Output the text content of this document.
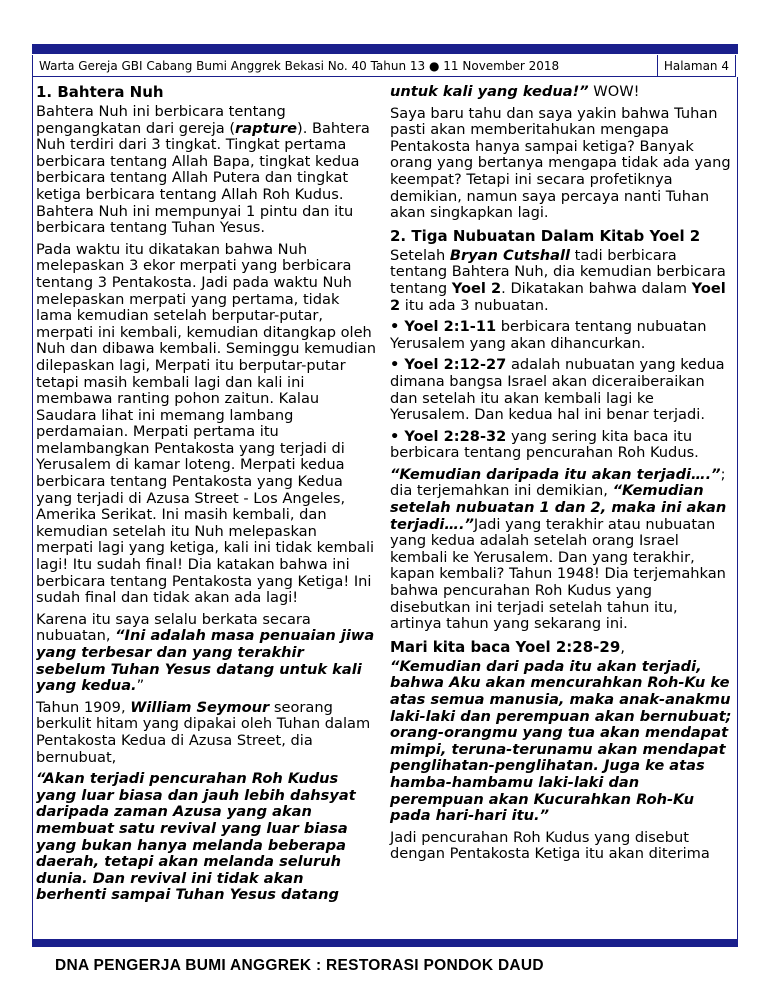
Warta Gereja GBI Cabang Bumi Anggrek Bekasi No. 40 Tahun 13 ● 11 November 2018	Halaman 4
1. Bahtera Nuh

Bahtera Nuh ini berbicara tentang pengangkatan dari gereja (rapture). Bahtera Nuh terdiri dari 3 tingkat. Tingkat pertama berbicara tentang Allah Bapa, tingkat kedua berbicara tentang Allah Putera dan tingkat ketiga berbicara tentang Allah Roh Kudus. Bahtera Nuh ini mempunyai 1 pintu dan itu berbicara tentang Tuhan Yesus.

Pada waktu itu dikatakan bahwa Nuh melepaskan 3 ekor merpati yang berbicara tentang 3 Pentakosta. Jadi pada waktu Nuh melepaskan merpati yang pertama, tidak lama kemudian setelah berputar-putar, merpati ini kembali, kemudian ditangkap oleh Nuh dan dibawa kembali. Seminggu kemudian dilepaskan lagi, Merpati itu berputar-putar tetapi masih kembali lagi dan kali ini membawa ranting pohon zaitun. Kalau Saudara lihat ini memang lambang perdamaian. Merpati pertama itu melambangkan Pentakosta yang terjadi di Yerusalem di kamar loteng. Merpati kedua berbicara tentang Pentakosta yang Kedua yang terjadi di Azusa Street - Los Angeles, Amerika Serikat. Ini masih kembali, dan kemudian setelah itu Nuh melepaskan merpati lagi yang ketiga, kali ini tidak kembali lagi! Itu sudah final! Dia katakan bahwa ini berbicara tentang Pentakosta yang Ketiga! Ini sudah final dan tidak akan ada lagi!

Karena itu saya selalu berkata secara nubuatan, “Ini adalah masa penuaian jiwa yang terbesar dan yang terakhir sebelum Tuhan Yesus datang untuk kali yang kedua.”

Tahun 1909, William Seymour seorang berkulit hitam yang dipakai oleh Tuhan dalam Pentakosta Kedua di Azusa Street, dia bernubuat,

“Akan terjadi pencurahan Roh Kudus yang luar biasa dan jauh lebih dahsyat daripada zaman Azusa yang akan membuat satu revival yang luar biasa yang bukan hanya melanda beberapa daerah, tetapi akan melanda seluruh dunia. Dan revival ini tidak akan berhenti sampai Tuhan Yesus datang

untuk kali yang kedua!” WOW!

Saya baru tahu dan saya yakin bahwa Tuhan pasti akan memberitahukan mengapa Pentakosta hanya sampai ketiga? Banyak orang yang bertanya mengapa tidak ada yang keempat? Tetapi ini secara profetiknya demikian, namun saya percaya nanti Tuhan akan singkapkan lagi.

2. Tiga Nubuatan Dalam Kitab Yoel 2

Setelah Bryan Cutshall tadi berbicara tentang Bahtera Nuh, dia kemudian berbicara tentang Yoel 2. Dikatakan bahwa dalam Yoel 2 itu ada 3 nubuatan.

• Yoel 2:1-11 berbicara tentang nubuatan Yerusalem yang akan dihancurkan.

• Yoel 2:12-27 adalah nubuatan yang kedua dimana bangsa Israel akan diceraiberaikan dan setelah itu akan kembali lagi ke Yerusalem. Dan kedua hal ini benar terjadi.

• Yoel 2:28-32 yang sering kita baca itu berbicara tentang pencurahan Roh Kudus.

“Kemudian daripada itu akan terjadi….”; dia terjemahkan ini demikian, “Kemudian setelah nubuatan 1 dan 2, maka ini akan terjadi….”Jadi yang terakhir atau nubuatan yang kedua adalah setelah orang Israel kembali ke Yerusalem. Dan yang terakhir, kapan kembali? Tahun 1948! Dia terjemahkan bahwa pencurahan Roh Kudus yang disebutkan ini terjadi setelah tahun itu, artinya tahun yang sekarang ini.

Mari kita baca Yoel 2:28-29,

“Kemudian dari pada itu akan terjadi, bahwa Aku akan mencurahkan Roh-Ku ke atas semua manusia, maka anak-anakmu laki-laki dan perempuan akan bernubuat; orang-orangmu yang tua akan mendapat mimpi, teruna-terunamu akan mendapat penglihatan-penglihatan. Juga ke atas hamba-hambamu laki-laki dan perempuan akan Kucurahkan Roh-Ku pada hari-hari itu.”

Jadi pencurahan Roh Kudus yang disebut dengan Pentakosta Ketiga itu akan diterima

DNA PENGERJA BUMI ANGGREK : RESTORASI PONDOK DAUD
